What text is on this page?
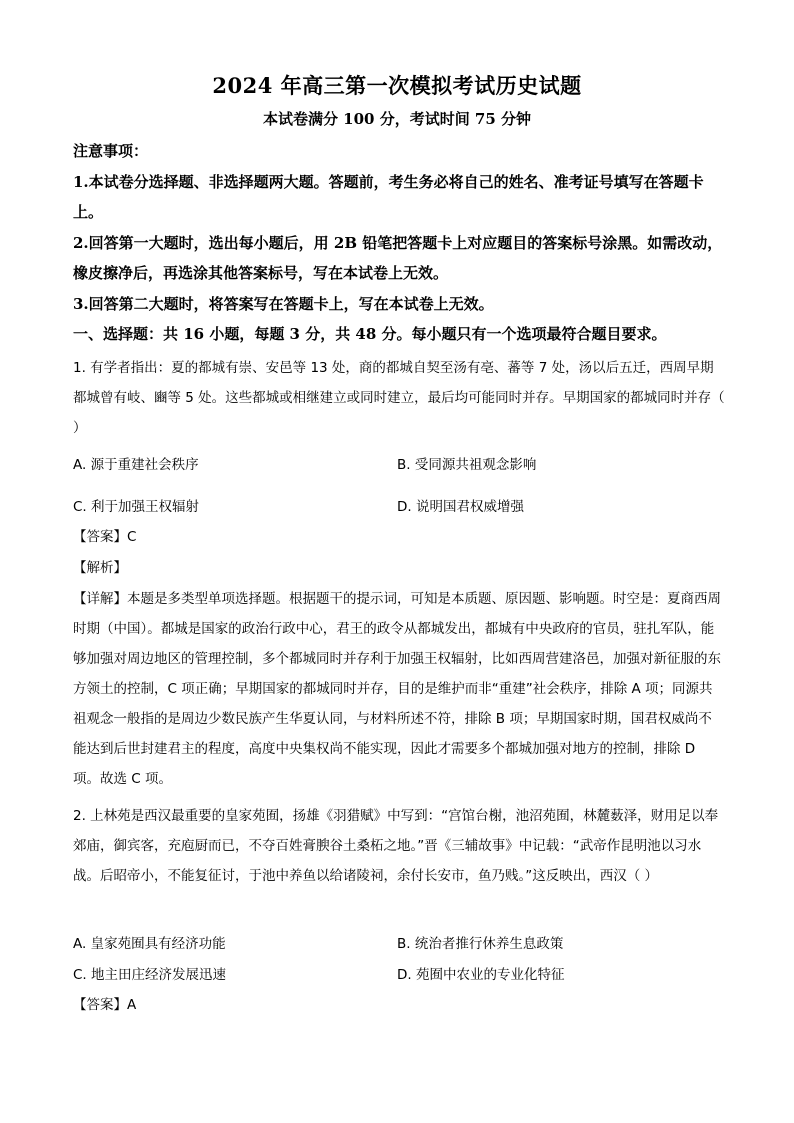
2024 年高三第一次模拟考试历史试题
本试卷满分 100 分，考试时间 75 分钟
注意事项：
1.本试卷分选择题、非选择题两大题。答题前，考生务必将自己的姓名、准考证号填写在答题卡上。
2.回答第一大题时，选出每小题后，用 2B 铅笔把答题卡上对应题目的答案标号涂黑。如需改动，橡皮擦净后，再选涂其他答案标号，写在本试卷上无效。
3.回答第二大题时，将答案写在答题卡上，写在本试卷上无效。
一、选择题：共 16 小题，每题 3 分，共 48 分。每小题只有一个选项最符合题目要求。
1. 有学者指出：夏的都城有崇、安邑等 13 处，商的都城自契至汤有亳、蕃等 7 处，汤以后五迁，西周早期都城曾有岐、豳等 5 处。这些都城或相继建立或同时建立，最后均可能同时并存。早期国家的都城同时并存（ ）
A. 源于重建社会秩序	B. 受同源共祖观念影响
C. 利于加强王权辐射	D. 说明国君权威增强
【答案】C
【解析】
【详解】本题是多类型单项选择题。根据题干的提示词，可知是本质题、原因题、影响题。时空是：夏商西周时期（中国）。都城是国家的政治行政中心，君王的政令从都城发出，都城有中央政府的官员，驻扎军队，能够加强对周边地区的管理控制，多个都城同时并存利于加强王权辐射，比如西周营建洛邑，加强对新征服的东方领土的控制，C 项正确；早期国家的都城同时并存，目的是维护而非“重建”社会秩序，排除 A 项；同源共祖观念一般指的是周边少数民族产生华夏认同，与材料所述不符，排除 B 项；早期国家时期，国君权威尚不能达到后世封建君主的程度，高度中央集权尚不能实现，因此才需要多个都城加强对地方的控制，排除 D 项。故选 C 项。
2. 上林苑是西汉最重要的皇家苑囿，扬雄《羽猎赋》中写到：“宫馆台榭，池沼苑囿，林麓薮泽，财用足以奉郊庙，御宾客，充庖厨而已，不夺百姓膏腴谷土桑柘之地。”晋《三辅故事》中记载：“武帝作昆明池以习水战。后昭帝小，不能复征讨，于池中养鱼以给诸陵祠，余付长安市，鱼乃贱。”这反映出，西汉（ ）
A. 皇家苑囿具有经济功能	B. 统治者推行休养生息政策
C. 地主田庄经济发展迅速	D. 苑囿中农业的专业化特征
【答案】A
